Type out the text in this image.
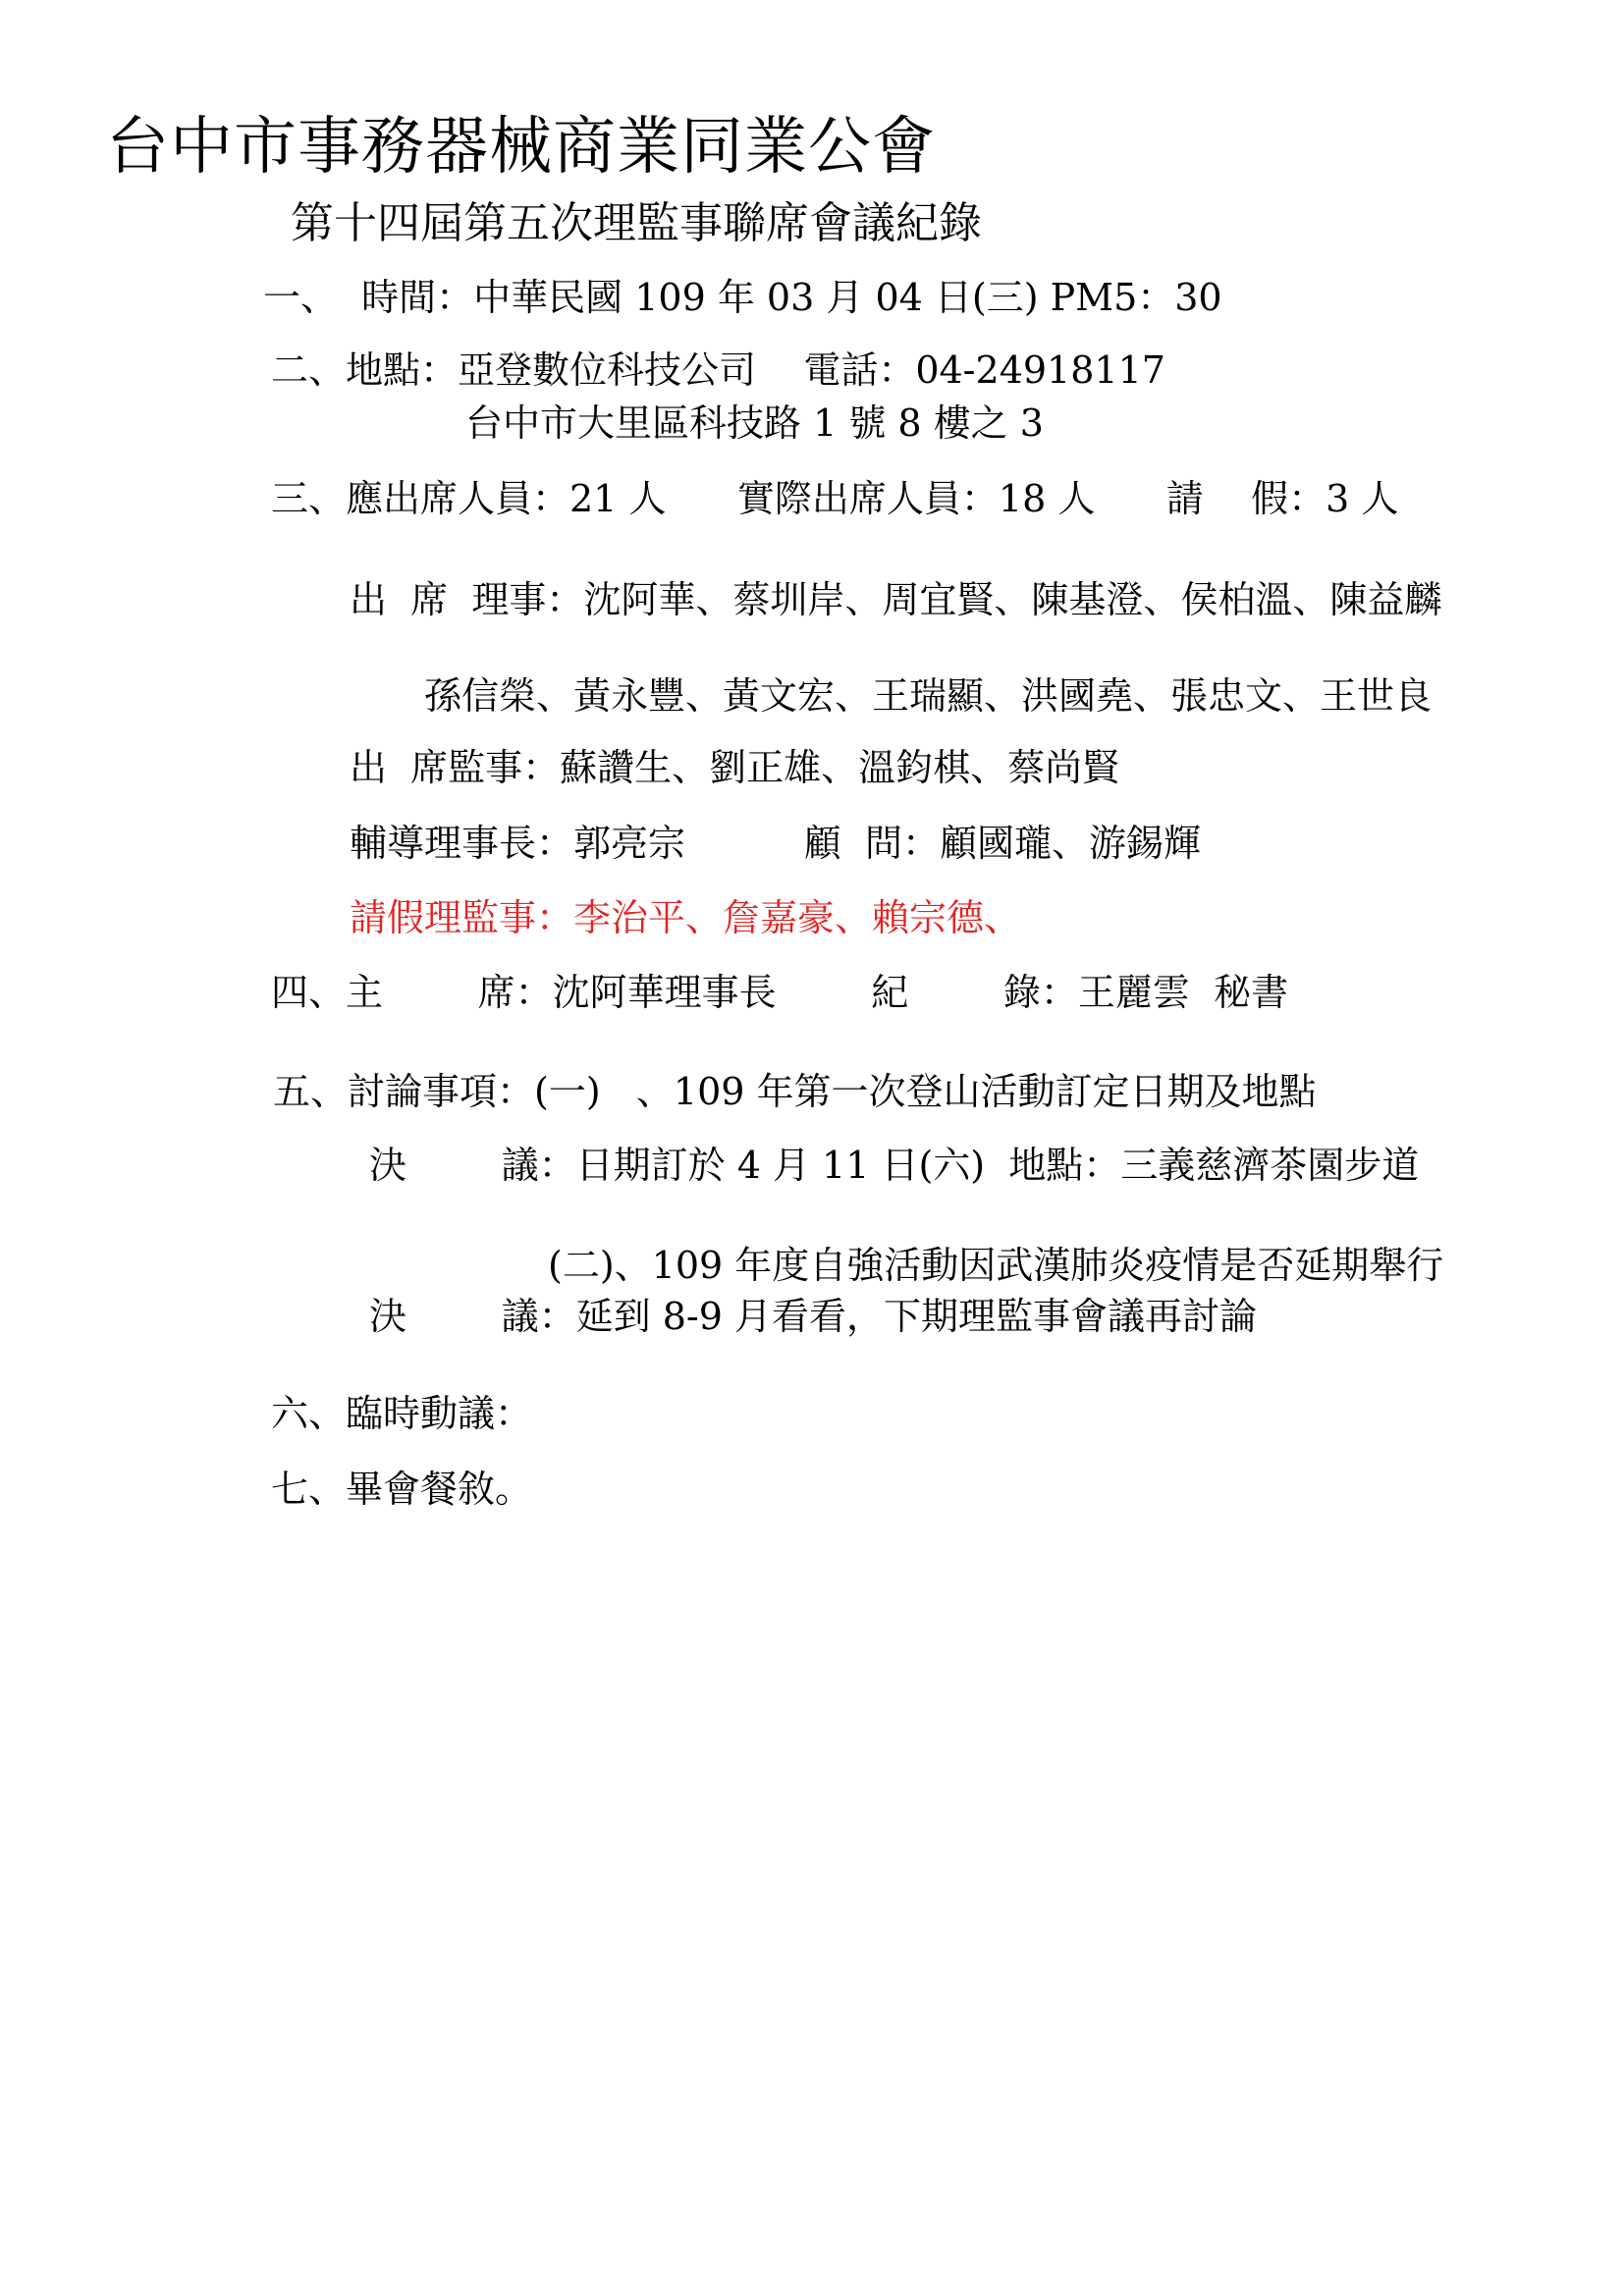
台中市事務器械商業同業公會
第十四屆第五次理監事聯席會議紀錄
一、  時間：中華民國 109 年 03 月 04 日(三) PM5：30
二、地點：亞登數位科技公司    電話：04-24918117
台中市大里區科技路 1 號 8 樓之 3
三、應出席人員：21 人      實際出席人員：18 人      請    假：3 人
出  席  理事：沈阿華、蔡圳岸、周宜賢、陳基澄、侯柏溫、陳益麟
孫信榮、黃永豐、黃文宏、王瑞顯、洪國堯、張忠文、王世良
出  席監事：蘇讚生、劉正雄、溫鈞棋、蔡尚賢
輔導理事長：郭亮宗          顧  問：顧國瓏、游錫輝
請假理監事：李治平、詹嘉豪、賴宗德、
四、主        席：沈阿華理事長        紀        錄：王麗雲  秘書
五、討論事項：(一)   、109 年第一次登山活動訂定日期及地點
決        議：日期訂於 4 月 11 日(六)  地點：三義慈濟茶園步道
(二)、109 年度自強活動因武漢肺炎疫情是否延期舉行
決        議：延到 8-9 月看看，下期理監事會議再討論
六、臨時動議：
七、畢會餐敘。
